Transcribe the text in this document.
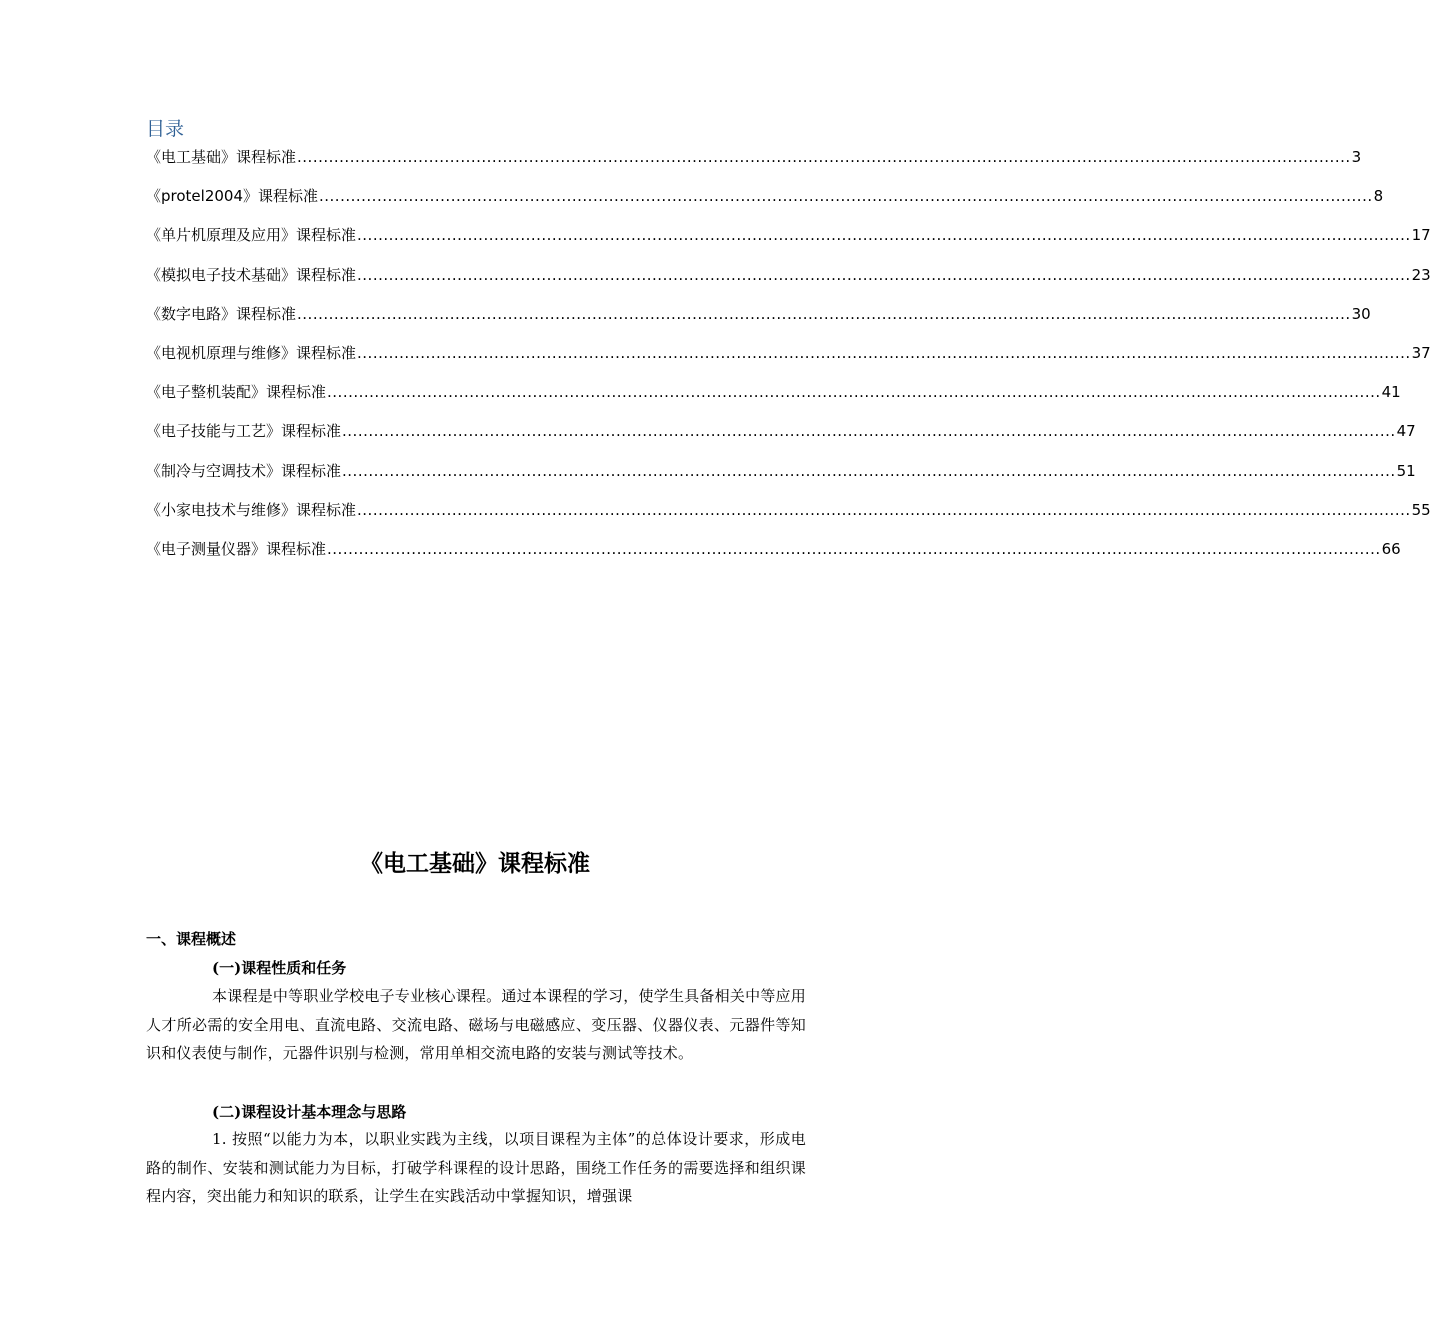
目录
《电工基础》课程标准 ........................................................................................................................................................................................................ 3
《protel2004》课程标准 ........................................................................................................................................................................................................ 8
《单片机原理及应用》课程标准 ........................................................................................................................................................................................................ 17
《模拟电子技术基础》课程标准 ........................................................................................................................................................................................................ 23
《数字电路》课程标准 ........................................................................................................................................................................................................ 30
《电视机原理与维修》课程标准 ........................................................................................................................................................................................................ 37
《电子整机装配》课程标准 ........................................................................................................................................................................................................ 41
《电子技能与工艺》课程标准 ........................................................................................................................................................................................................ 47
《制冷与空调技术》课程标准 ........................................................................................................................................................................................................ 51
《小家电技术与维修》课程标准 ........................................................................................................................................................................................................ 55
《电子测量仪器》课程标准 ........................................................................................................................................................................................................ 66
《电工基础》课程标准
一、课程概述
(一)课程性质和任务

本课程是中等职业学校电子专业核心课程。通过本课程的学习，使学生具备相关中等应用人才所必需的安全用电、直流电路、交流电路、磁场与电磁感应、变压器、仪器仪表、元器件等知识和仪表使与制作，元器件识别与检测，常用单相交流电路的安装与测试等技术。

(二)课程设计基本理念与思路

1. 按照“以能力为本，以职业实践为主线，以项目课程为主体”的总体设计要求，形成电路的制作、安装和测试能力为目标，打破学科课程的设计思路，围绕工作任务的需要选择和组织课程内容，突出能力和知识的联系，让学生在实践活动中掌握知识，增强课
